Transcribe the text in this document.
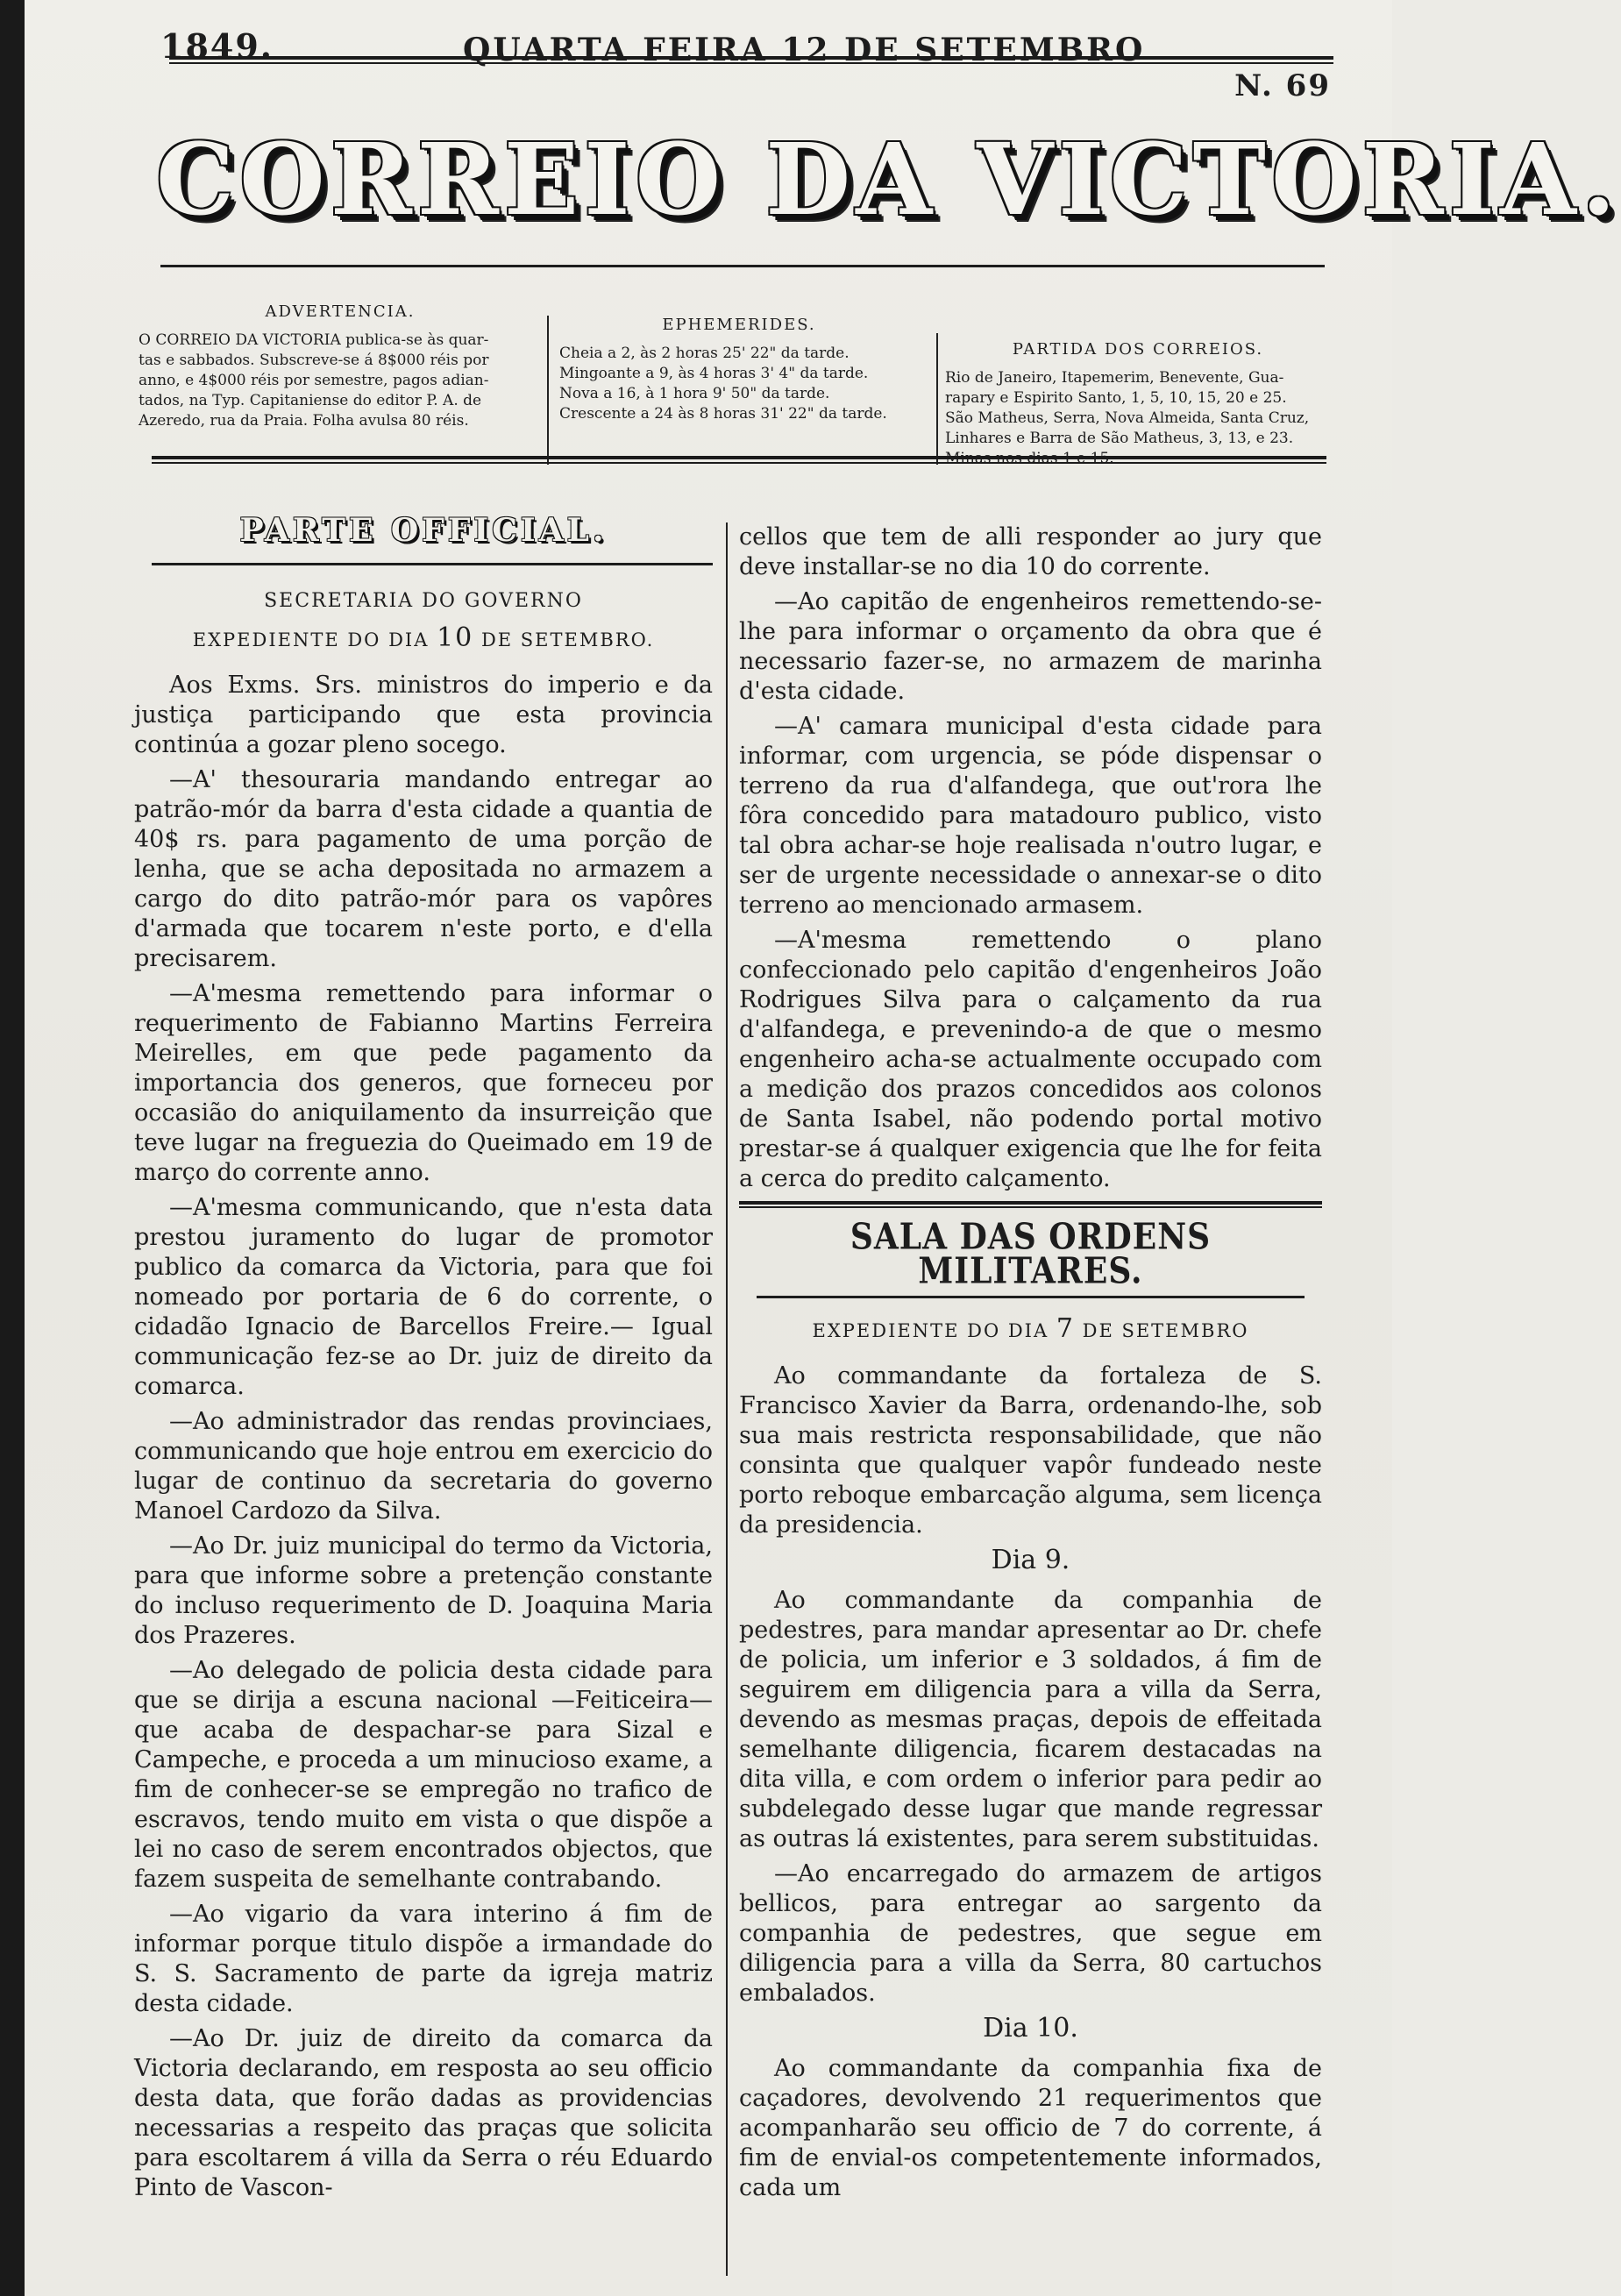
1849.	QUARTA FEIRA 12 DE SETEMBRO
N. 69
CORREIO DA VICTORIA.
ADVERTENCIA.

O CORREIO DA VICTORIA publica-se às quar-

tas e sabbados. Subscreve-se á 8$000 réis por

anno, e 4$000 réis por semestre, pagos adian-

tados, na Typ. Capitaniense do editor P. A. de

Azeredo, rua da Praia. Folha avulsa 80 réis.

EPHEMERIDES.

Cheia a 2, às 2 horas 25' 22" da tarde.

Mingoante a 9, às 4 horas 3' 4" da tarde.

Nova a 16, à 1 hora 9' 50" da tarde.

Crescente a 24 às 8 horas 31' 22" da tarde.

PARTIDA DOS CORREIOS.

Rio de Janeiro, Itapemerim, Benevente, Gua-

rapary e Espirito Santo, 1, 5, 10, 15, 20 e 25.

São Matheus, Serra, Nova Almeida, Santa Cruz,

Linhares e Barra de São Matheus, 3, 13, e 23.

Minas nos dias 1 e 15.

PARTE OFFICIAL.
SECRETARIA DO GOVERNO
EXPEDIENTE DO DIA 10 DE SETEMBRO.

Aos Exms. Srs. ministros do imperio e da justiça participando que esta provincia continúa a gozar pleno socego.

—A' thesouraria mandando entregar ao patrão-mór da barra d'esta cidade a quantia de 40$ rs. para pagamento de uma porção de lenha, que se acha depositada no armazem a cargo do dito patrão-mór para os vapôres d'armada que tocarem n'este porto, e d'ella precisarem.

—A'mesma remettendo para informar o requerimento de Fabianno Martins Ferreira Meirelles, em que pede pagamento da importancia dos generos, que forneceu por occasião do aniquilamento da insurreição que teve lugar na freguezia do Queimado em 19 de março do corrente anno.

—A'mesma communicando, que n'esta data prestou juramento do lugar de promotor publico da comarca da Victoria, para que foi nomeado por portaria de 6 do corrente, o cidadão Ignacio de Barcellos Freire.— Igual communicação fez-se ao Dr. juiz de direito da comarca.

—Ao administrador das rendas provinciaes, communicando que hoje entrou em exercicio do lugar de continuo da secretaria do governo Manoel Cardozo da Silva.

—Ao Dr. juiz municipal do termo da Victoria, para que informe sobre a pretenção constante do incluso requerimento de D. Joaquina Maria dos Prazeres.

—Ao delegado de policia desta cidade para que se dirija a escuna nacional —Feiticeira— que acaba de despachar-se para Sizal e Campeche, e proceda a um minucioso exame, a fim de conhecer-se se empregão no trafico de escravos, tendo muito em vista o que dispõe a lei no caso de serem encontrados objectos, que fazem suspeita de semelhante contrabando.

—Ao vigario da vara interino á fim de informar porque titulo dispõe a irmandade do S. S. Sacramento de parte da igreja matriz desta cidade.

—Ao Dr. juiz de direito da comarca da Victoria declarando, em resposta ao seu officio desta data, que forão dadas as providencias necessarias a respeito das praças que solicita para escoltarem á villa da Serra o réu Eduardo Pinto de Vascon-

cellos que tem de alli responder ao jury que deve installar-se no dia 10 do corrente.

—Ao capitão de engenheiros remettendo-se-lhe para informar o orçamento da obra que é necessario fazer-se, no armazem de marinha d'esta cidade.

—A' camara municipal d'esta cidade para informar, com urgencia, se póde dispensar o terreno da rua d'alfandega, que out'rora lhe fôra concedido para matadouro publico, visto tal obra achar-se hoje realisada n'outro lugar, e ser de urgente necessidade o annexar-se o dito terreno ao mencionado armasem.

—A'mesma remettendo o plano confeccionado pelo capitão d'engenheiros João Rodrigues Silva para o calçamento da rua d'alfandega, e prevenindo-a de que o mesmo engenheiro acha-se actualmente occupado com a medição dos prazos concedidos aos colonos de Santa Isabel, não podendo portal motivo prestar-se á qualquer exigencia que lhe for feita a cerca do predito calçamento.

SALA DAS ORDENS MILITARES.
EXPEDIENTE DO DIA 7 DE SETEMBRO

Ao commandante da fortaleza de S. Francisco Xavier da Barra, ordenando-lhe, sob sua mais restricta responsabilidade, que não consinta que qualquer vapôr fundeado neste porto reboque embarcação alguma, sem licença da presidencia.

Dia 9.

Ao commandante da companhia de pedestres, para mandar apresentar ao Dr. chefe de policia, um inferior e 3 soldados, á fim de seguirem em diligencia para a villa da Serra, devendo as mesmas praças, depois de effeitada semelhante diligencia, ficarem destacadas na dita villa, e com ordem o inferior para pedir ao subdelegado desse lugar que mande regressar as outras lá existentes, para serem substituidas.

—Ao encarregado do armazem de artigos bellicos, para entregar ao sargento da companhia de pedestres, que segue em diligencia para a villa da Serra, 80 cartuchos embalados.

Dia 10.

Ao commandante da companhia fixa de caçadores, devolvendo 21 requerimentos que acompanharão seu officio de 7 do corrente, á fim de envial-os competentemente informados, cada um
